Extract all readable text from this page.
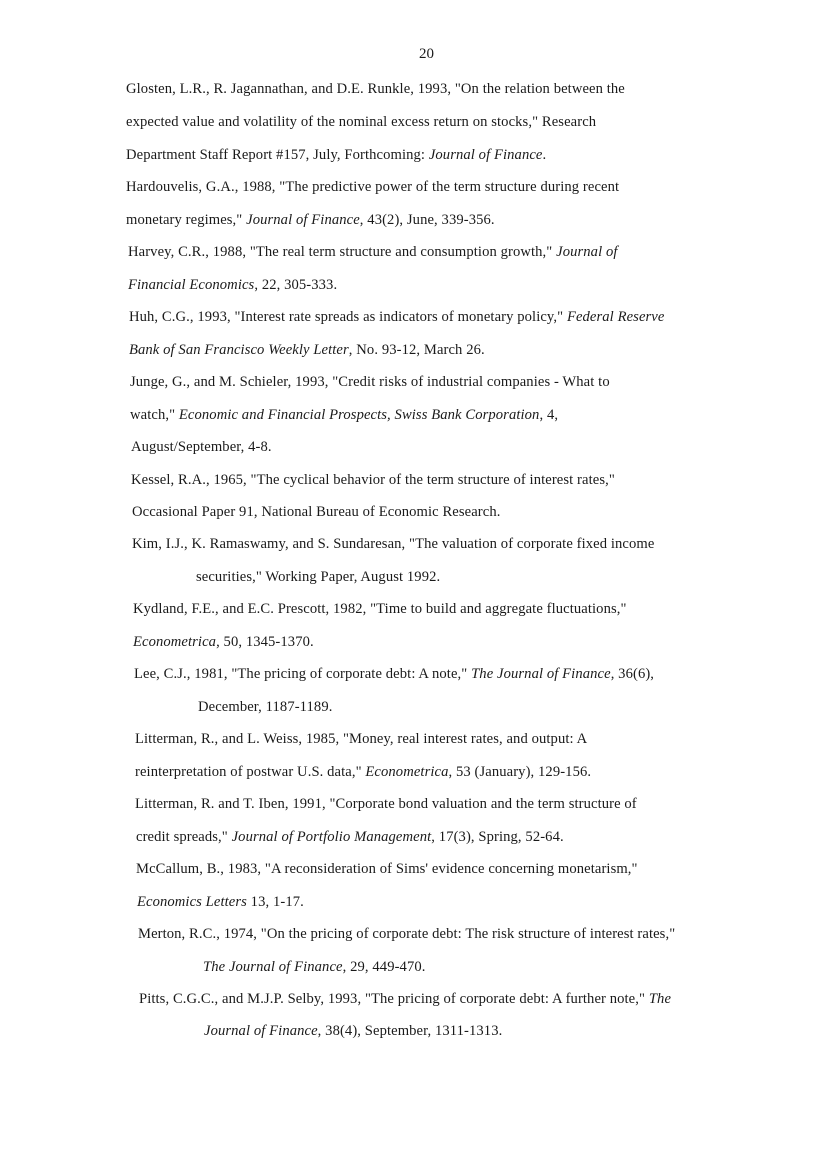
20
Glosten, L.R., R. Jagannathan, and D.E. Runkle, 1993, "On the relation between the
expected value and volatility of the nominal excess return on stocks," Research
Department Staff Report #157, July, Forthcoming: Journal of Finance.
Hardouvelis, G.A., 1988, "The predictive power of the term structure during recent
monetary regimes," Journal of Finance, 43(2), June, 339-356.
Harvey, C.R., 1988, "The real term structure and consumption growth," Journal of
Financial Economics, 22, 305-333.
Huh, C.G., 1993, "Interest rate spreads as indicators of monetary policy," Federal Reserve
Bank of San Francisco Weekly Letter, No. 93-12, March 26.
Junge, G., and M. Schieler, 1993, "Credit risks of industrial companies - What to
watch," Economic and Financial Prospects, Swiss Bank Corporation, 4,
August/September, 4-8.
Kessel, R.A., 1965, "The cyclical behavior of the term structure of interest rates,"
Occasional Paper 91, National Bureau of Economic Research.
Kim, I.J., K. Ramaswamy, and S. Sundaresan, "The valuation of corporate fixed income
securities," Working Paper, August 1992.
Kydland, F.E., and E.C. Prescott, 1982, "Time to build and aggregate fluctuations,"
Econometrica, 50, 1345-1370.
Lee, C.J., 1981, "The pricing of corporate debt: A note," The Journal of Finance, 36(6),
December, 1187-1189.
Litterman, R., and L. Weiss, 1985, "Money, real interest rates, and output: A
reinterpretation of postwar U.S. data," Econometrica, 53 (January), 129-156.
Litterman, R. and T. Iben, 1991, "Corporate bond valuation and the term structure of
credit spreads," Journal of Portfolio Management, 17(3), Spring, 52-64.
McCallum, B., 1983, "A reconsideration of Sims' evidence concerning monetarism,"
Economics Letters 13, 1-17.
Merton, R.C., 1974, "On the pricing of corporate debt: The risk structure of interest rates,"
The Journal of Finance, 29, 449-470.
Pitts, C.G.C., and M.J.P. Selby, 1993, "The pricing of corporate debt: A further note," The
Journal of Finance, 38(4), September, 1311-1313.
